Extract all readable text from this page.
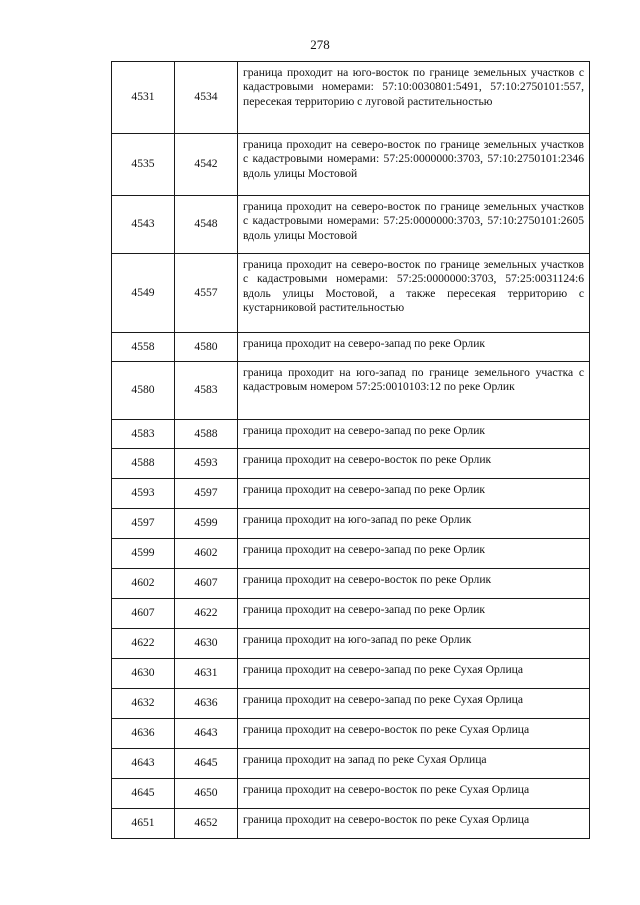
278
4531	4534	граница проходит на юго-восток по границе земельных участков с кадастровыми номерами: 57:10:0030801:5491, 57:10:2750101:557, пересекая территорию с луговой растительностью
4535	4542	граница проходит на северо-восток по границе земельных участков с кадастровыми номерами: 57:25:0000000:3703, 57:10:2750101:2346 вдоль улицы Мостовой
4543	4548	граница проходит на северо-восток по границе земельных участков с кадастровыми номерами: 57:25:0000000:3703, 57:10:2750101:2605 вдоль улицы Мостовой
4549	4557	граница проходит на северо-восток по границе земельных участков с кадастровыми номерами: 57:25:0000000:3703, 57:25:0031124:6 вдоль улицы Мостовой, а также пересекая территорию с кустарниковой растительностью
4558	4580	граница проходит на северо-запад по реке Орлик
4580	4583	граница проходит на юго-запад по границе земельного участка с кадастровым номером 57:25:0010103:12 по реке Орлик
4583	4588	граница проходит на северо-запад по реке Орлик
4588	4593	граница проходит на северо-восток по реке Орлик
4593	4597	граница проходит на северо-запад по реке Орлик
4597	4599	граница проходит на юго-запад по реке Орлик
4599	4602	граница проходит на северо-запад по реке Орлик
4602	4607	граница проходит на северо-восток по реке Орлик
4607	4622	граница проходит на северо-запад по реке Орлик
4622	4630	граница проходит на юго-запад по реке Орлик
4630	4631	граница проходит на северо-запад по реке Сухая Орлица
4632	4636	граница проходит на северо-запад по реке Сухая Орлица
4636	4643	граница проходит на северо-восток по реке Сухая Орлица
4643	4645	граница проходит на запад по реке Сухая Орлица
4645	4650	граница проходит на северо-восток по реке Сухая Орлица
4651	4652	граница проходит на северо-восток по реке Сухая Орлица
